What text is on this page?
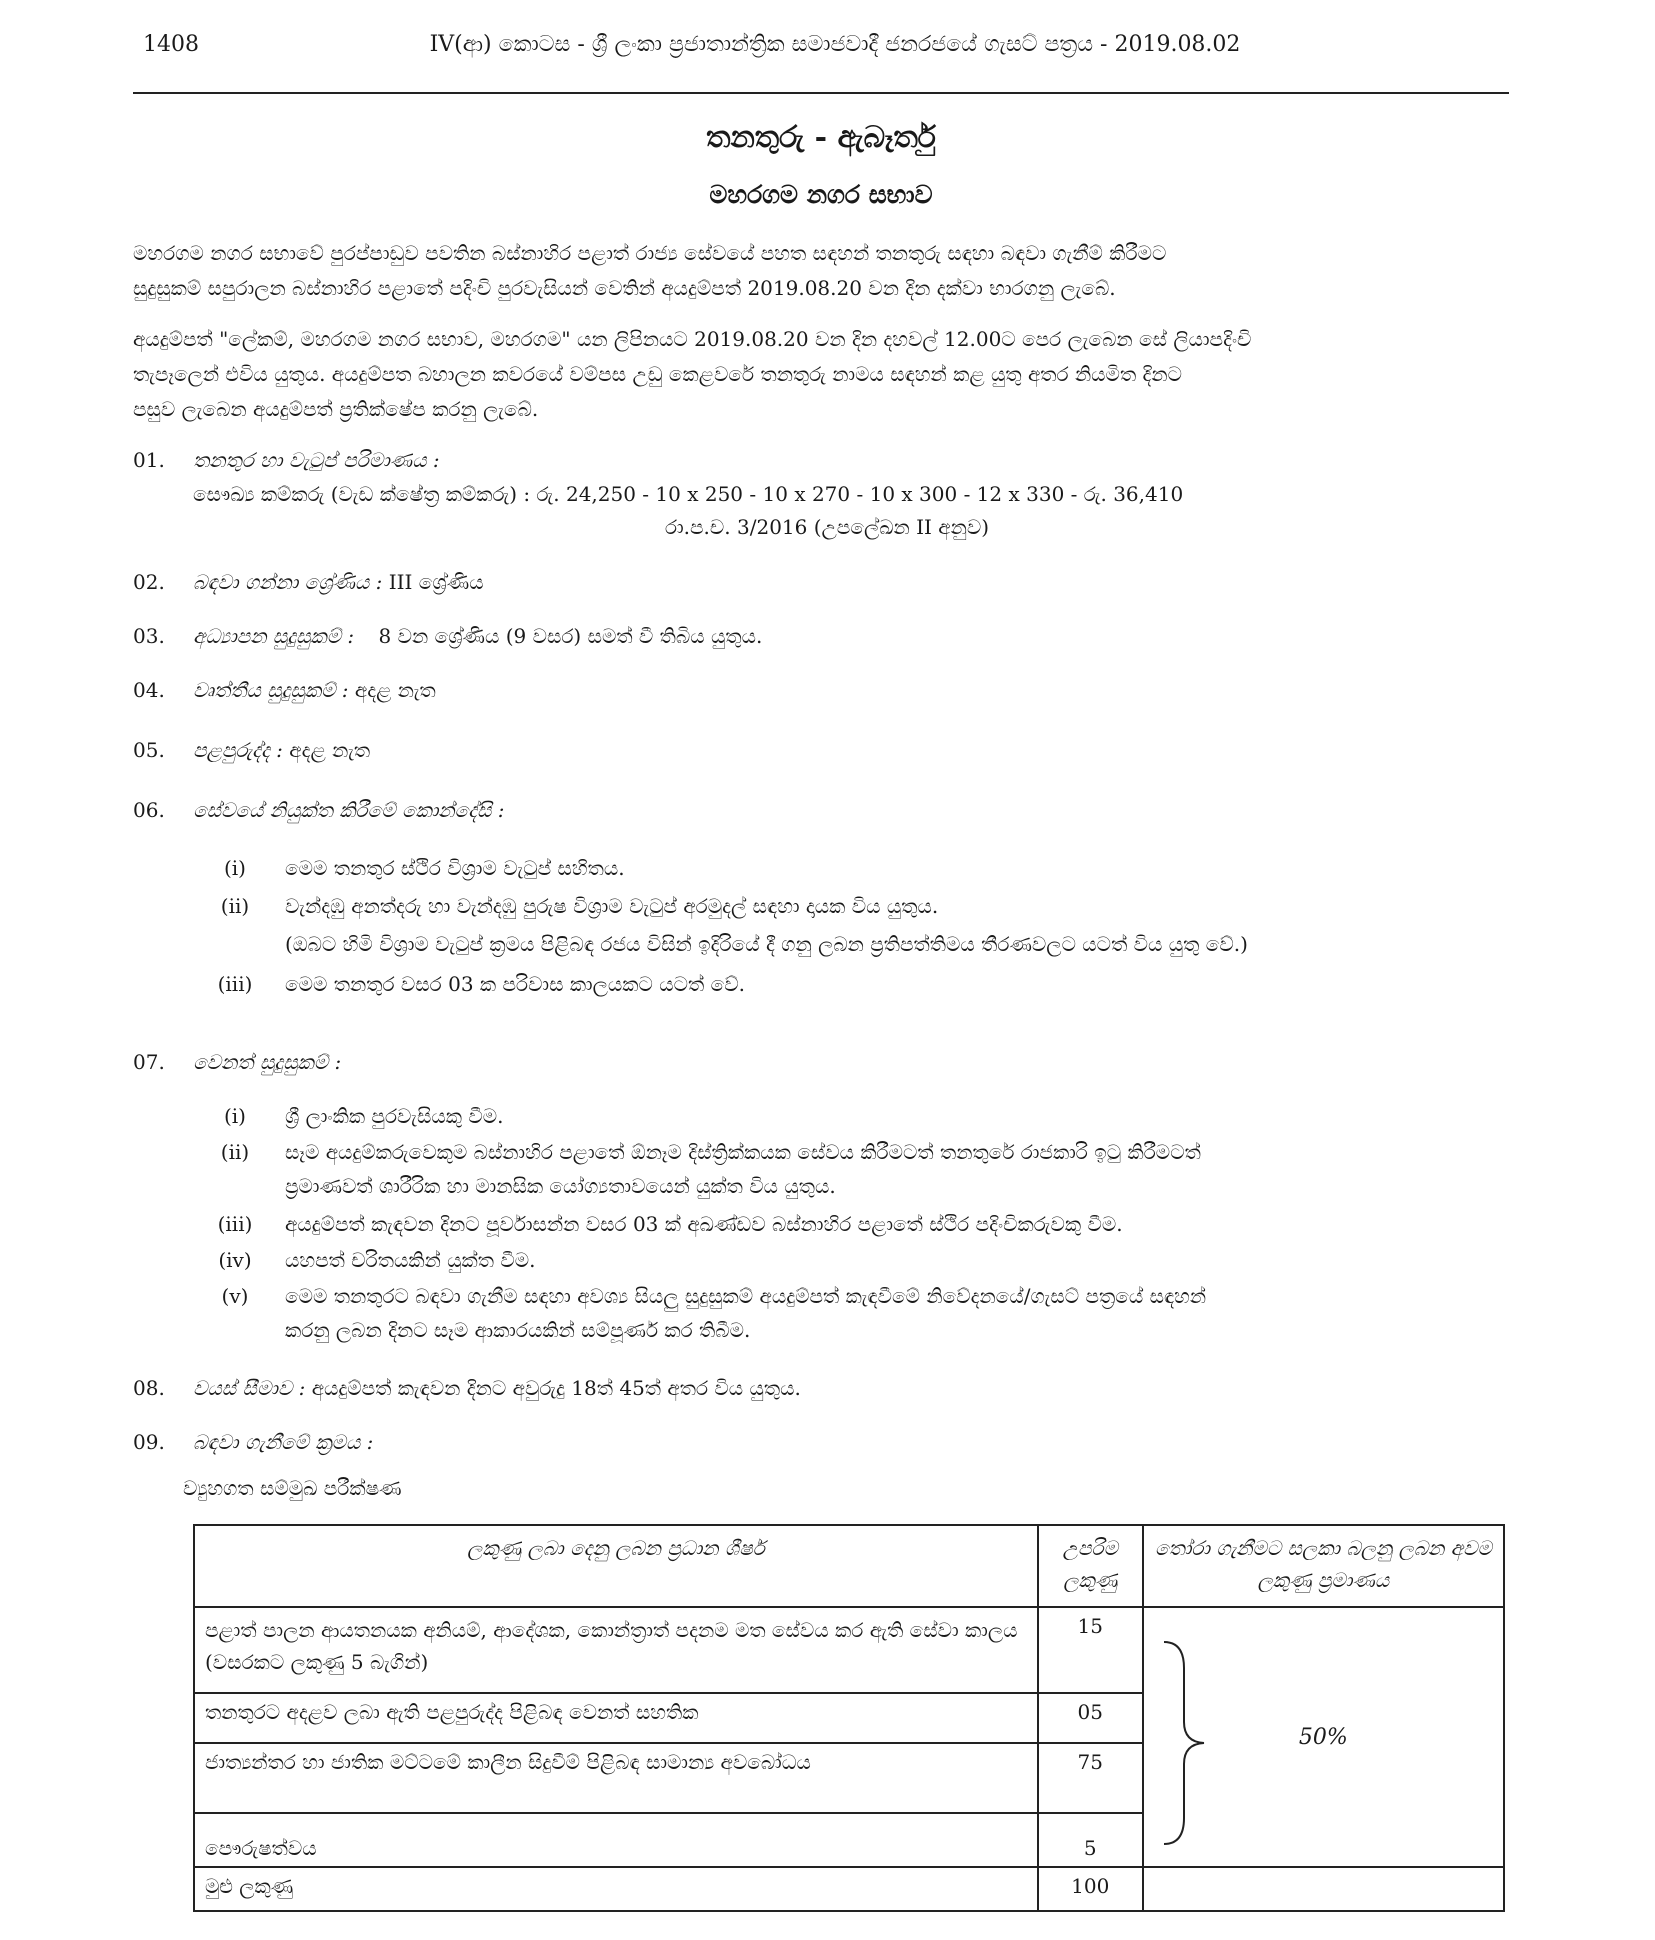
1408	IV(ආ) කොටස - ශ්‍රී ලංකා ප්‍රජාතාන්ත්‍රික සමාජවාදී ජනරජයේ ගැසට් පත්‍රය - 2019.08.02
තනතුරු - ඇබෑර්තු
මහරගම නගර සභාව
මහරගම නගර සභාවේ පුරප්පාඩුව පවතින බස්නාහිර පළාත් රාජ්‍ය සේවයේ පහත සඳහන් තනතුරු සඳහා බඳවා ගැනීම් කිරීමට
සුදුසුකම් සපුරාලන බස්නාහිර පළාතේ පදිංචි පුරවැසියන් වෙතින් අයදුම්පත් 2019.08.20 වන දින දක්වා භාරගනු ලැබේ.
අයදුම්පත් "ලේකම්, මහරගම නගර සභාව, මහරගම" යන ලිපිනයට 2019.08.20 වන දින දහවල් 12.00ට පෙර ලැබෙන සේ ලියාපදිංචි
තැපෑලෙන් එවිය යුතුය. අයදුම්පත බහාලන කවරයේ වම්පස උඩු කෙළවරේ තනතුරු නාමය සඳහන් කළ යුතු අතර නියමිත දිනට
පසුව ලැබෙන අයදුම්පත් ප්‍රතික්ෂේප කරනු ලැබේ.
01. තනතුර හා වැටුප් පරිමාණය :
සෞඛ්‍ය කම්කරු (වැඩ ක්ෂේත්‍ර කම්කරු) : රු. 24,250 - 10 x 250 - 10 x 270 - 10 x 300 - 12 x 330 - රු. 36,410
රා.ප.ච. 3/2016 (උපලේඛන II අනුව)
02. බඳවා ගන්නා ශ්‍රේණිය : III ශ්‍රේණිය
03. අධ්‍යාපන සුදුසුකම් : 8 වන ශ්‍රේණිය (9 වසර) සමත් වී තිබිය යුතුය.
04. වෘත්තීය සුදුසුකම් : අදළ නැත
05. පළපුරුද්ද : අදළ නැත
06. සේවයේ නියුක්ත කිරීමේ කොන්දේසි :
(i)	මෙම තනතුර ස්ථිර විශ්‍රාම වැටුප් සහිතය.
(ii)	වැන්දඹු අනත්දරු හා වැන්දඹු පුරුෂ විශ්‍රාම වැටුප් අරමුදල් සඳහා දායක විය යුතුය.
(ඔබට හිමි විශ්‍රාම වැටුප් ක්‍රමය පිළිබඳ රජය විසින් ඉදිරියේ දී ගනු ලබන ප්‍රතිපත්තිමය තීරණවලට යටත් විය යුතු වේ.)
(iii)	මෙම තනතුර වසර 03 ක පරිවාස කාලයකට යටත් වේ.
07. වෙනත් සුදුසුකම් :
(i)	ශ්‍රී ලාංකික පුරවැසියකු වීම.
(ii)	සෑම අයදුම්කරුවෙකුම බස්නාහිර පළාතේ ඕනෑම දිස්ත්‍රික්කයක සේවය කිරීමටත් තනතුරේ රාජකාරි ඉටු කිරීමටත්
ප්‍රමාණවත් ශාරීරික හා මානසික යෝග්‍යතාවයෙන් යුක්ත විය යුතුය.
(iii)	අයදුම්පත් කැඳවන දිනට පූර්වාසන්න වසර 03 ක් අඛණ්ඩව බස්නාහිර පළාතේ ස්ථිර පදිංචිකරුවකු වීම.
(iv)	යහපත් චරිතයකින් යුක්ත වීම.
(v)	මෙම තනතුරට බඳවා ගැනීම සඳහා අවශ්‍ය සියලු සුදුසුකම් අයදුම්පත් කැඳවීමේ නිවේදනයේ/ගැසට් පත්‍රයේ සඳහන්
කරනු ලබන දිනට සෑම ආකාරයකින් සම්පූර්ණ කර තිබීම.
08. වයස් සීමාව : අයදුම්පත් කැඳවන දිනට අවුරුදු 18ත් 45ත් අතර විය යුතුය.
09. බඳවා ගැනීමේ ක්‍රමය :
ව්‍යුහගත සම්මුඛ පරීක්ෂණ
ලකුණු ලබා දෙනු ලබන ප්‍රධාන ශීර්ෂ	උපරිම ලකුණු	තෝරා ගැනීමට සලකා බලනු ලබන අවම ලකුණු ප්‍රමාණය
පළාත් පාලන ආයතනයක අනියම්, ආදේශක, කොන්ත්‍රාත් පදනම මත සේවය කර ඇති සේවා කාලය (වසරකට ලකුණු 5 බැගින්)	15	50%
තනතුරට අදළව ලබා ඇති පළපුරුද්ද පිළිබඳ වෙනත් සහතික	05	
ජාත්‍යන්තර හා ජාතික මට්ටමේ කාලීන සිදුවීම් පිළිබඳ සාමාන්‍ය අවබෝධය	75	
පෞරුෂත්වය	5	
මුළු ලකුණු	100	
